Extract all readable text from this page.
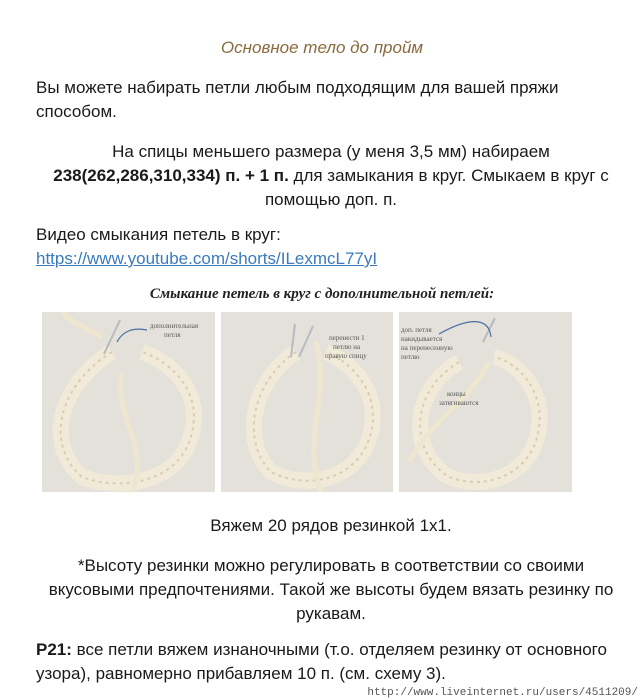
Основное тело до пройм
Вы можете набирать петли любым подходящим для вашей пряжи
способом.
На спицы меньшего размера (у меня 3,5 мм) набираем
238(262,286,310,334) п. + 1 п. для замыкания в круг. Смыкаем в круг с
помощью доп. п.
Видео смыкания петель в круг:
https://www.youtube.com/shorts/ILexmcL77yI
Смыкание петель в круг с дополнительной петлей:
дополнительная
петля	перенести 1
петлю на
правую спицу
доп. петля
накидывается
на перенесенную
петлю
концы
затягиваются
Вяжем 20 рядов резинкой 1х1.
*Высоту резинки можно регулировать в соответствии со своими
вкусовыми предпочтениями. Такой же высоты будем вязать резинку по
рукавам.
Р21: все петли вяжем изнаночными (т.о. отделяем резинку от основного
узора), равномерно прибавляем 10 п. (см. схему 3).
http://www.liveinternet.ru/users/4511209/
